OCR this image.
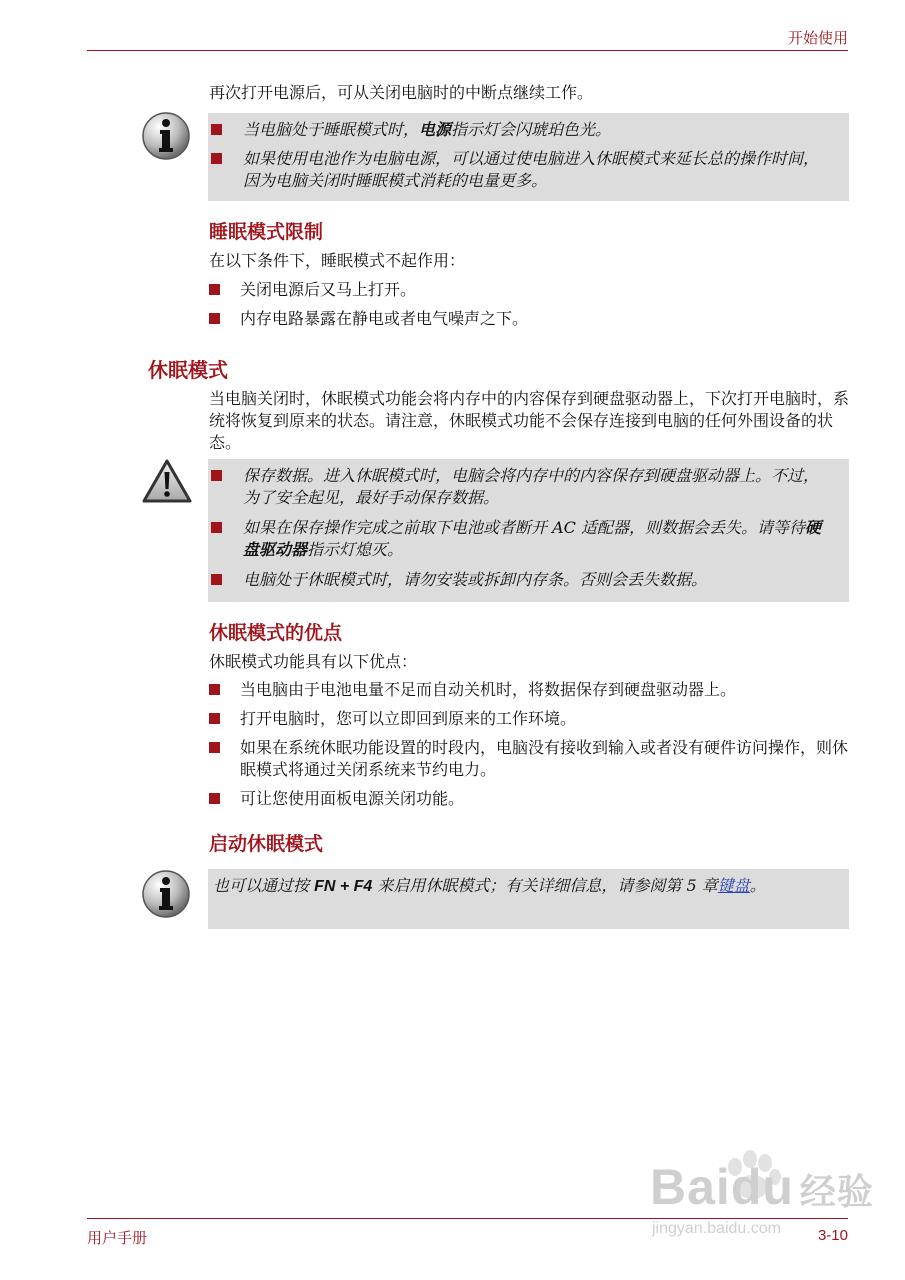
开始使用
再次打开电源后，可从关闭电脑时的中断点继续工作。
当电脑处于睡眠模式时，电源指示灯会闪琥珀色光。
如果使用电池作为电脑电源，可以通过使电脑进入休眠模式来延长总的操作时间，因为电脑关闭时睡眠模式消耗的电量更多。
睡眠模式限制
在以下条件下，睡眠模式不起作用：
关闭电源后又马上打开。
内存电路暴露在静电或者电气噪声之下。
休眠模式
当电脑关闭时，休眠模式功能会将内存中的内容保存到硬盘驱动器上，下次打开电脑时，系统将恢复到原来的状态。请注意，休眠模式功能不会保存连接到电脑的任何外围设备的状态。
保存数据。进入休眠模式时，电脑会将内存中的内容保存到硬盘驱动器上。不过，为了安全起见，最好手动保存数据。
如果在保存操作完成之前取下电池或者断开 AC 适配器，则数据会丢失。请等待硬盘驱动器指示灯熄灭。
电脑处于休眠模式时，请勿安装或拆卸内存条。否则会丢失数据。
休眠模式的优点
休眠模式功能具有以下优点：
当电脑由于电池电量不足而自动关机时，将数据保存到硬盘驱动器上。
打开电脑时，您可以立即回到原来的工作环境。
如果在系统休眠功能设置的时段内，电脑没有接收到输入或者没有硬件访问操作，则休眠模式将通过关闭系统来节约电力。
可让您使用面板电源关闭功能。
启动休眠模式
也可以通过按 FN + F4 来启用休眠模式；有关详细信息，请参阅第 5 章键盘。
Baidu 经验
jingyan.baidu.com
用户手册	3-10
